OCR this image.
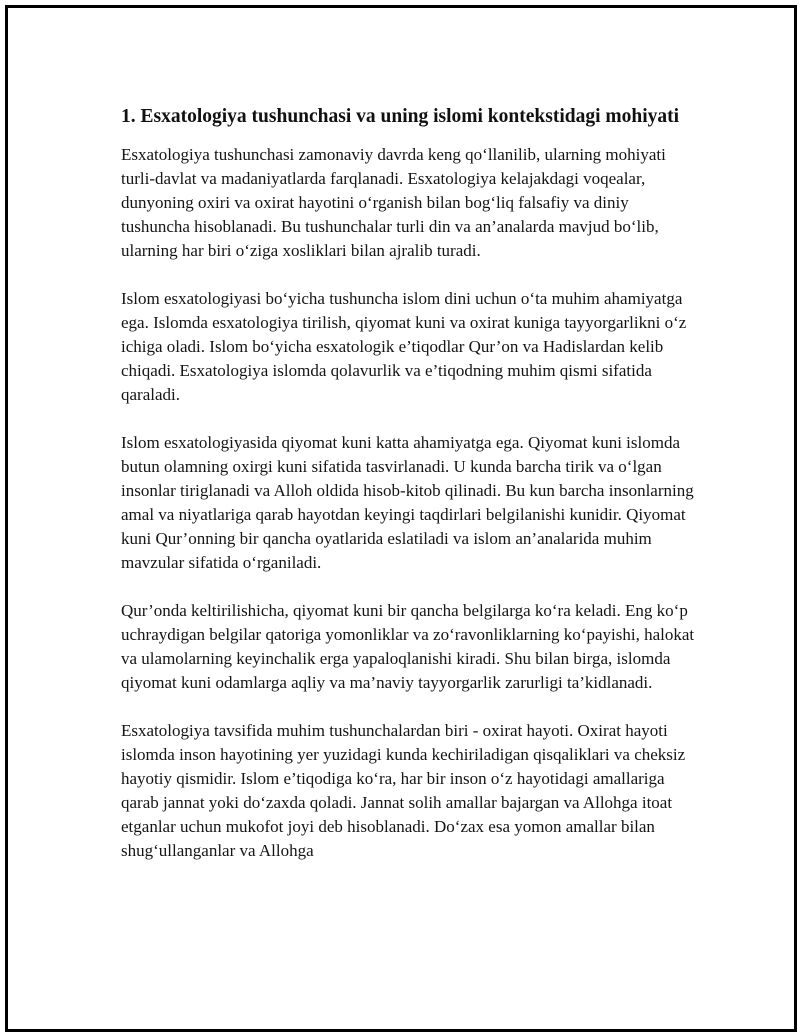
1. Esxatologiya tushunchasi va uning islomi kontekstidagi mohiyati

Esxatologiya tushunchasi zamonaviy davrda keng qo‘llanilib, ularning mohiyati turli-davlat va madaniyatlarda farqlanadi. Esxatologiya kelajakdagi voqealar, dunyoning oxiri va oxirat hayotini o‘rganish bilan bog‘liq falsafiy va diniy tushuncha hisoblanadi. Bu tushunchalar turli din va an’analarda mavjud bo‘lib, ularning har biri o‘ziga xosliklari bilan ajralib turadi.

Islom esxatologiyasi bo‘yicha tushuncha islom dini uchun o‘ta muhim ahamiyatga ega. Islomda esxatologiya tirilish, qiyomat kuni va oxirat kuniga tayyorgarlikni o‘z ichiga oladi. Islom bo‘yicha esxatologik e’tiqodlar Qur’on va Hadislardan kelib chiqadi. Esxatologiya islomda qolavurlik va e’tiqodning muhim qismi sifatida qaraladi.

Islom esxatologiyasida qiyomat kuni katta ahamiyatga ega. Qiyomat kuni islomda butun olamning oxirgi kuni sifatida tasvirlanadi. U kunda barcha tirik va o‘lgan insonlar tiriglanadi va Alloh oldida hisob-kitob qilinadi. Bu kun barcha insonlarning amal va niyatlariga qarab hayotdan keyingi taqdirlari belgilanishi kunidir. Qiyomat kuni Qur’onning bir qancha oyatlarida eslatiladi va islom an’analarida muhim mavzular sifatida o‘rganiladi.

Qur’onda keltirilishicha, qiyomat kuni bir qancha belgilarga ko‘ra keladi. Eng ko‘p uchraydigan belgilar qatoriga yomonliklar va zo‘ravonliklarning ko‘payishi, halokat va ulamolarning keyinchalik erga yapaloqlanishi kiradi. Shu bilan birga, islomda qiyomat kuni odamlarga aqliy va ma’naviy tayyorgarlik zarurligi ta’kidlanadi.

Esxatologiya tavsifida muhim tushunchalardan biri - oxirat hayoti. Oxirat hayoti islomda inson hayotining yer yuzidagi kunda kechiriladigan qisqaliklari va cheksiz hayotiy qismidir. Islom e’tiqodiga ko‘ra, har bir inson o‘z hayotidagi amallariga qarab jannat yoki do‘zaxda qoladi. Jannat solih amallar bajargan va Allohga itoat etganlar uchun mukofot joyi deb hisoblanadi. Do‘zax esa yomon amallar bilan shug‘ullanganlar va Allohga
